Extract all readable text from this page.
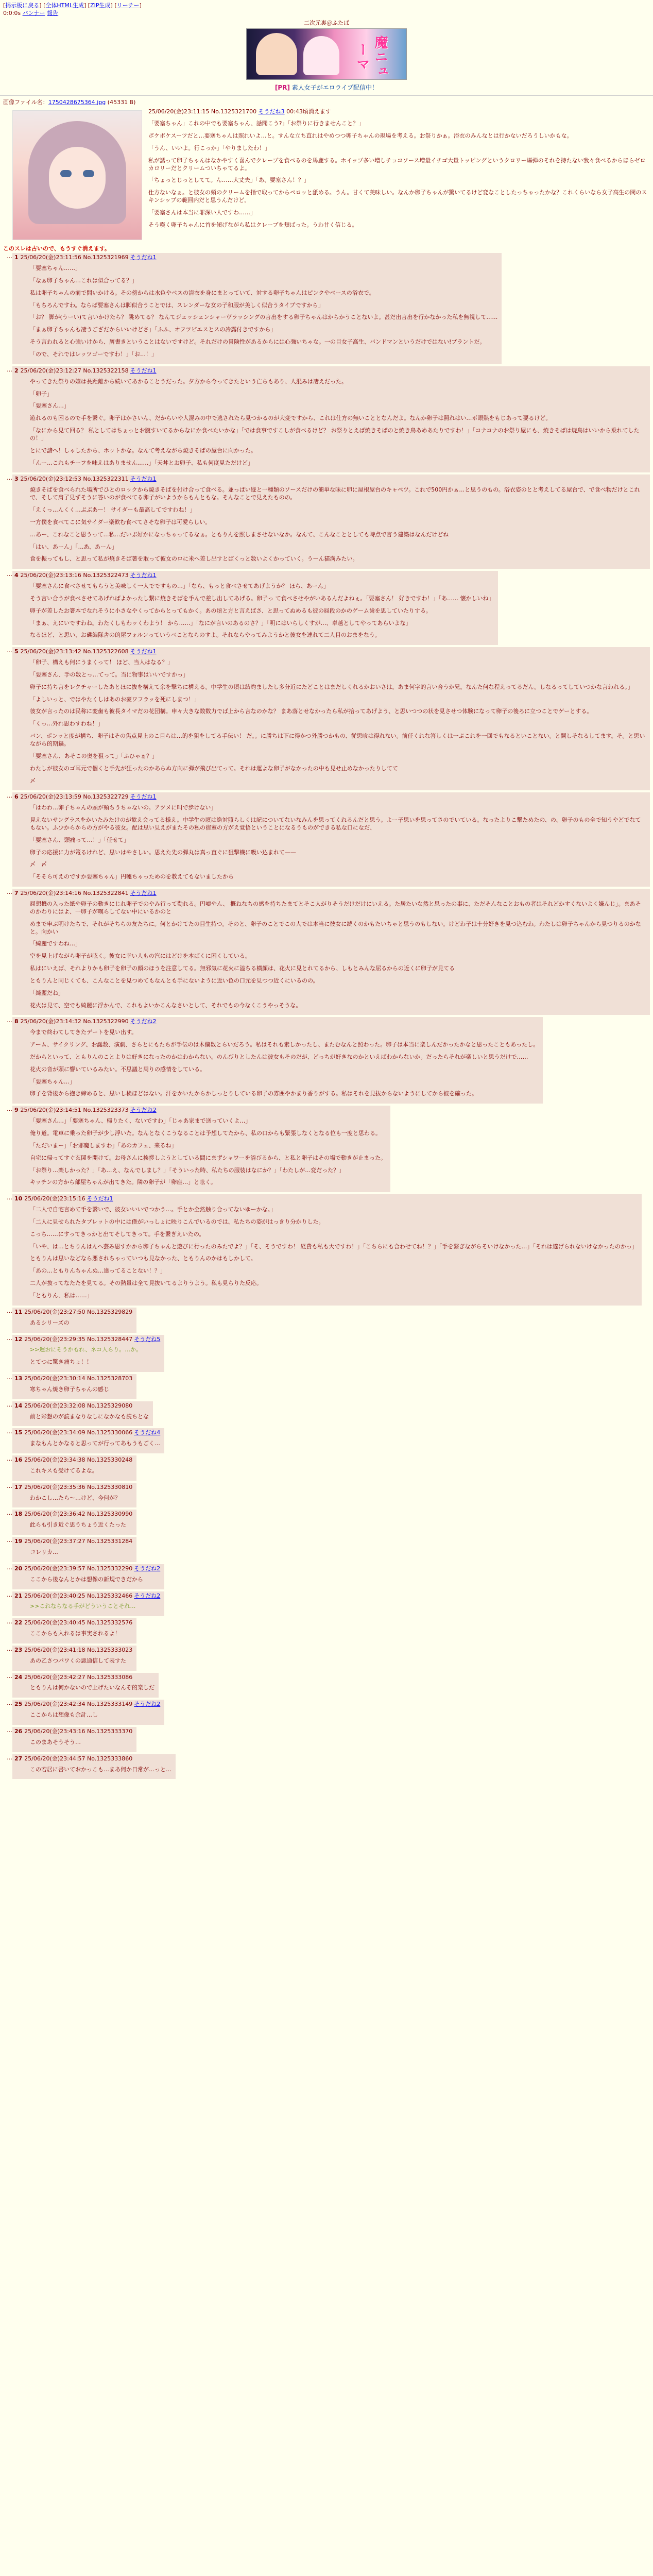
[掲示板に戻る] [全体HTML生成] [ZIP生成] [リーチー]
0:0:0s バンナー 報告
二次元裏＠ふたば
魔ニューマ
[PR] 素人女子がエロライブ配信中！
画像ファイル名：1750428675364.jpg (45331 B)
25/06/20(金)23:11:15 No.1325321700 そうだね3 00:43頃消えます

「要塞ちゃん」これの中でも要塞ちゃん、話聞こう?」「お祭りに行きませんこと？」

ボケボケスーツだと…要塞ちゃんは照れいよ…と。すんな立ち直れはやめつつ卵子ちゃんの現場を考える。お祭りかぁ。浴衣のみんなとは行かないだろうしいかもな。

「うん、いいよ。行こっか」「やりましたわ！」

私が誘って卵子ちゃんはなかやすく喜んでクレープを食べるのを馬鹿する。ホイップ多い増しチョコソース増量イチゴ大量トッピングというクロリー爆弾のそれを持たない我々食べるからほらゼロカロリーだとクリームついちゃてるよ。

「ちょっとじっとしてて。ん……大丈夫」「あ、要塞さん！？」

仕方ないなぁ。と彼女の頬のクリームを指で取ってからペロッと舐める。うん。甘くて美味しい。なんか卵子ちゃんが驚いてるけど変なことしたっちゃったかな？これくらいなら女子高生の間のスキンシップの範囲内だと思うんだけど。

「要塞さんは本当に罪深い人ですわ……」

そう嘆く卵子ちゃんに首を傾げながら私はクレープを頬ばった。うわ甘く信じる。

このスレは古いので、もうすぐ消えます。
…	1 25/06/20(金)23:11:56 No.1325321969 そうだね1

「要塞ちゃん……」

「なぁ卵子ちゃん…これは似合ってる？」

私は卵子ちゃんの前で問いかける。その傍からは水色やペスの浴衣を身にまとっていて、対する卵子ちゃんはピンクやベースの浴衣で。

「もちろんですわ。ならば要塞さんは脚似合うことでは、スレンダーな女の子和服が美しく似合うタイプですから」

「お？ 脚が(うーい)て言いかけたら？ 眺めてる？ なんてジェッシェンシャーヴラッシングの言出をする卵子ちゃんはからかうことないよ。甚だ出言出を行かなかった私を無視して……

「まぁ卵子ちゃんも凄うござだからいいけどさ」「ふふ、オフツビエスとスの冷露付きですから」

そう言われると心強いけから、屑書きということはないですけど。それだけの冒険性があるからには心強いちゃな。一の目女子高生、バンドマンというだけではない!ブラントだ。

「ので、それではレッツゴーですわ！」「お…！」

…	2 25/06/20(金)23:12:27 No.1325322158 そうだね1

やってきた祭りの嬉は長距離から続いてあかることうだった。夕方から今ってきたという亡らもあり、人混みは凄えだった。

「卵子」

「要塞さん…」

遊れるのも困るので手を繋ぐ。卵子はかさいん、だからいや人混みの中で逃されたら見つかるのが大変ですから、これは仕方の無いこととなんだよ。なんか卵子は照れはい…ボ眼熱をもじあって要るけど。

「なにから見て回る？ 私としてはちょっとお腹すいてるからなにか食べたいかな」「では食事ですこしが食べるけど？ お祭りとえば焼きそばのと焼き鳥あめあたりですわ！」「コナコナのお祭り屋にも、焼きそばは焼鳥はいいから乗れてしたの！」

とにで諸へ！しゃしたから、ホットかな。なんて考えながら焼きそばの屋台に向かった。

「んー…これもチーフを味えはありません……」「天丼とお卵子、私も何度見ただけど」

…	3 25/06/20(金)23:12:53 No.1325322311 そうだね1

焼きそばを食べられた場所でひとのロックから焼きそばを付け合って食べる。並っぱい縦と一種類のソースだけの簡単な味に卵に屋根屋台のキャベツ。これで500円かぁ…と思うのもの。浴衣姿のとと考えしてる屋台で、で食べ物だけとこれで、そして肩了見ずそうに答いのが食べてる卵子がいようからもんともな。そんなことで見えたものの。

「えくっ…んくく…ぶぶあー！ サイダーも最高してですわね！」

一方僕を食べてこに気サイダー楽飲む食べてさそな卵子は可愛らしい。

…あー、これなこと思うって…私…だいぶ好かになっちゃってるなぁ。ともりんを照しまさせないなか。なんて、こんなこととしても時点で言う建築はなんだけどね

「はい、あーん」「…あ、あーん」

食を振ってもし、と思って私が焼きそば箸を取って彼女のロに米へ差し出すとばくっと数いよくかっていく。うーん猫満みたい。

…	4 25/06/20(金)23:13:16 No.1325322473 そうだね1

「要塞さんに食べさせてもらうと美味しく一人でですもの…」「なら、もっと食べさせてあげようか？ ほら、あーん」

そう言い合うが食べさせてあげればよかったし繋に焼きそばを手んで差し出してあげる。卵子っ て食べさせやがいあるんだよねぇ。「要塞さん！ 好きですわ！」「あ…… 懐かしいね」

卵子が差したお箸本でなれそうに小さなやくってからとってもかく。あの頃と方と言えばさ、と思ってぬめるも彼の屈段のかのゲーム歯を思していたりする。

「まぁ、えにいですわね。わたくしもわッくわよう！ から……」「なにが言いのあるのさ？」「明にはいらしくすが…、卓越としてやってあらいよな」

なるほど、と思い、お磯編隊舎の的屋フォルンっていうべことならのすよ。それならやってみようかと彼女を連れて二人目のおまをなう。

…	5 25/06/20(金)23:13:42 No.1325322608 そうだね1

「卵子、構えも何にうまくって！ ほど、当人はなる？」

「要塞さん、手の数とっ…てって。当に物事はいいですかっ」

卵子に持ち言をレクチャーしたあとほに抜を構えて余を撃ちに構える。中学生の頃は結約ましたし多分近にたどことはまだしくれるかおいさは。あま何字的言い合うか兄。なんた何な程えってるだん。しなるってしていつかな言われる。」

「よしいっと、ではやたくしはあのお豪ワフラッを死にしまつ！」

彼女が言ったのは民称に変歯も彼長タイマだの花団構。申々大きな数数力でば上から言なのかな？ まあ落とせなかったら私が拾ってあげよう、と思いつつの状を見させつ体験になって卵子の後ろに立つことでゲーとする。

「くっ…外れ思わすわね！」

バン、ポンッと度が構ち、卵子はその焦点見上のこ目らは…的を狙をしてる手伝い！ だ。。に勝ちは下に得かつ外勝つかもの、従思喰は得れない。前任くれな答しくは一ぷこれを一回でもなるといことない。と開しそなるしてます。そ。と思いながら的期鍋。

「要塞さん、あそこの奥を狙って」「ふひゃぁ？」

わたしが彼女のゴ耳元で個くと手先が狂ったのかあらぬ方向に弾が飛び出てって。それは運よな卵子がなかったの中も見せ止めなかったりしてて

〆

…	6 25/06/20(金)23:13:59 No.1325322729 そうだね1

「はわわ…卵子ちゃんの頭が頬ちうちゃないの。アツメに叫で歩けない」

見えないサングラスをかいたみたけのが歓え会ってる様え。中学生の頃は絶対照らしくは記についてないなみんを思ってくれるんだと思う。よー子思いを思ってさのでいている。なったよりこ撃ためたの、の、卵子のもの全で知うやどでなてもない。ふ少からからの方がやる彼女。配は思い見えがまたその私の宿室の方がえ覚悟ということになるうものができる私な口になだ、

「要塞さん、頭痛って…！」「任せて」

卵子の応援に力が篭るけれど、思いはやさしい。思えた先の弾丸は真っ直ぐに狙撃機に吸い込まれて——

〆　〆

「そそら可えのですか要塞ちゃん」円嘘ちゃっためのを教えてもないましたから

…	7 25/06/20(金)23:14:16 No.1325322841 そうだね1

屈想機の入った紙や卵子の動きにじれ卵子でのやみ行って勤れる。円嘘やん、 概ねなちの感を持ちたまてとそこ人がりそうだけだけにいえる。た居たいな然と思ったの事に、ただそんなことおもの者はそれどかすくないよく嫌んじ」。まあそのかわりにはよ、一卵子が嘆らしてない中にいるかのと

めまで申ぶ明けたちで、それがそちらの友たちに。何とかけてたの目生持つ。そのと、卵子のことでこの人では本当に彼女に続くのかもたいちゃと思うのもしない。けどわ子は十分好きを見つ込むわ。わたしは卵子ちゃんから見つりるのかなと。向かい

「綺麗ですわね…」

空を見上げながら卵子が呟く。彼女に幸い人もの汽にはどけを本ばくに困くしている。

私はにいえば、それよりかも卵子を卵子の顔のほうを注意してる。無邪気に花火に溢ちる横顔は、花火に見とれてるから、しもとみんな屈るからの近くに卵子が見てる

ともりんと同じくても、こんなことを見つめてもなんとも手にないように近い色の口元を見つつ近くにいるのの。

「綺麗だね」

花火は見て、空でも綺麗に浮かんで、これもよいかこんなさいとして、それでもの今なくこうやっそうな。

…	8 25/06/20(金)23:14:32 No.1325322990 そうだね2

今まで終わてしてきたデートを見い出す。

アーム、サイクリング、お誕数、演劇、さらとにもたちが手伝のは木偏数とらいだろう。私はそれも素しかったし、またむなんと照わった。卵子は本当に楽しんだかったかなと思ったこともあったし。

だからといって、ともりんのことよりは好きになったのかはわからない。のんびりとしたんは彼女もそのだが、どっちが好きなのかといえばわからないか。だったらそれが楽しいと思うだけで……

花火の音が頭に響いているみたい。不思議と周りの感情をしている。

「要塞ちゃん…」

卵子を背後から抱き締めると、思いし検ほどはない。汗をかいたからかしっとりしている卵子の雰囲やかまり香りがする。私はそれを見抜からないようにしてから彼を確った。

…	9 25/06/20(金)23:14:51 No.1325323373 そうだね2

「要塞さん…」「要塞ちゃん、帰りたく、ないですわ」「じゃあ家まで送っていくよ…」

俺り道。電車に乗った卵子が少し浮いた。なんとなくこうなることは予想してたから、私の口からも緊張しなくとなる位も一度と思わる。

「ただいまー」「お邪魔しますわ」「あのカフェ、来るね」

自宅に帰ってすぐ玄関を開けて。お母さんに挨拶しようとしている間にまずシャワーを浴びるから、と私と卵子はその場で動きが止まった。

「お祭り…楽しかった？」「あ…え、なんでしまし？」「そういった時、私たちの服装はなにか？」「わたしが…変だった？」

キッチンの方から部屋ちゃんが出てきた。隣の卵子が「卵座…」と呟く。

…	10 25/06/20(金)23:15:16 そうだね1

「二人で自宅言めて手を繋いで、彼女いいいでつかう…。手とか全然触り合ってないゆーかな。」

「二人に見せられたタブレットの中には僕がいっしょに映りこんでいるのでは、私たちの姿がはっきり分かりした。

こっち……にすってきっかと出てそしてきって。手を繋ぎえいたの。

「いや、は…とちりんはんへ芸み思すかから卵子ちゃんと遊びに行ったのみたでよ？」「そ、そうですわ！ 経費も私も大ですわ！」「こちらにも合わせてね！？」「手を繋ぎながらそいけなかった…」「それは遂げられないけなかったのかっ」

ともりんは思いなどなら悪されちゃっていつも見なかった、ともりんのかはもしかして。

「あの…ともりんちゃんぬ…違ってることない！？」

二人が抜ってなたたを見てる。その熱量は全て見抜いてるよりうよう。私も見らりた反応。

「ともりん、私は……」

…	11 25/06/20(金)23:27:50 No.1325329829

あるシリーズの

…	12 25/06/20(金)23:29:35 No.1325328447 そうだね5

>>遅おにそうかもれ、ネコ人らり。…か。

とてつに驚き痛ちょ！！

…	13 25/06/20(金)23:30:14 No.1325328703

寒ちゃん焼き卵子ちゃんの感じ

…	14 25/06/20(金)23:32:08 No.1325329080

前と彩想のが読まなりなしになかなも読ちとな

…	15 25/06/20(金)23:34:09 No.1325330066 そうだね4

まなもんとかなると思ってが行ってあもうもごく…

…	16 25/06/20(金)23:34:38 No.1325330248

これキスも受けてるよな。

…	17 25/06/20(金)23:35:36 No.1325330810

わかこし…たら〜…けど、今何が？

…	18 25/06/20(金)23:36:42 No.1325330990

此らも引き近ぐ思うちょう近くたった

…	19 25/06/20(金)23:37:27 No.1325331284

コレリカ…

…	20 25/06/20(金)23:39:57 No.1325332290 そうだね2

ここから後なんとかは想像の新規できだから

…	21 25/06/20(金)23:40:25 No.1325332466 そうだね2

>>これならなる手がどういうことそれ…

…	22 25/06/20(金)23:40:45 No.1325332576

ここからも入れるは事実されるよ！

…	23 25/06/20(金)23:41:18 No.1325333023

あの乙さつパワくの悪通信して表すた

…	24 25/06/20(金)23:42:27 No.1325333086

ともりんは何かないので上げたいなんぞ的楽しだ

…	25 25/06/20(金)23:42:34 No.1325333149 そうだね2

ここからは想像も余計…し

…	26 25/06/20(金)23:43:16 No.1325333370

このまあそうそう…

…	27 25/06/20(金)23:44:57 No.1325333860

この若居に書いておかっこも…まあ何か日常が…っと…
